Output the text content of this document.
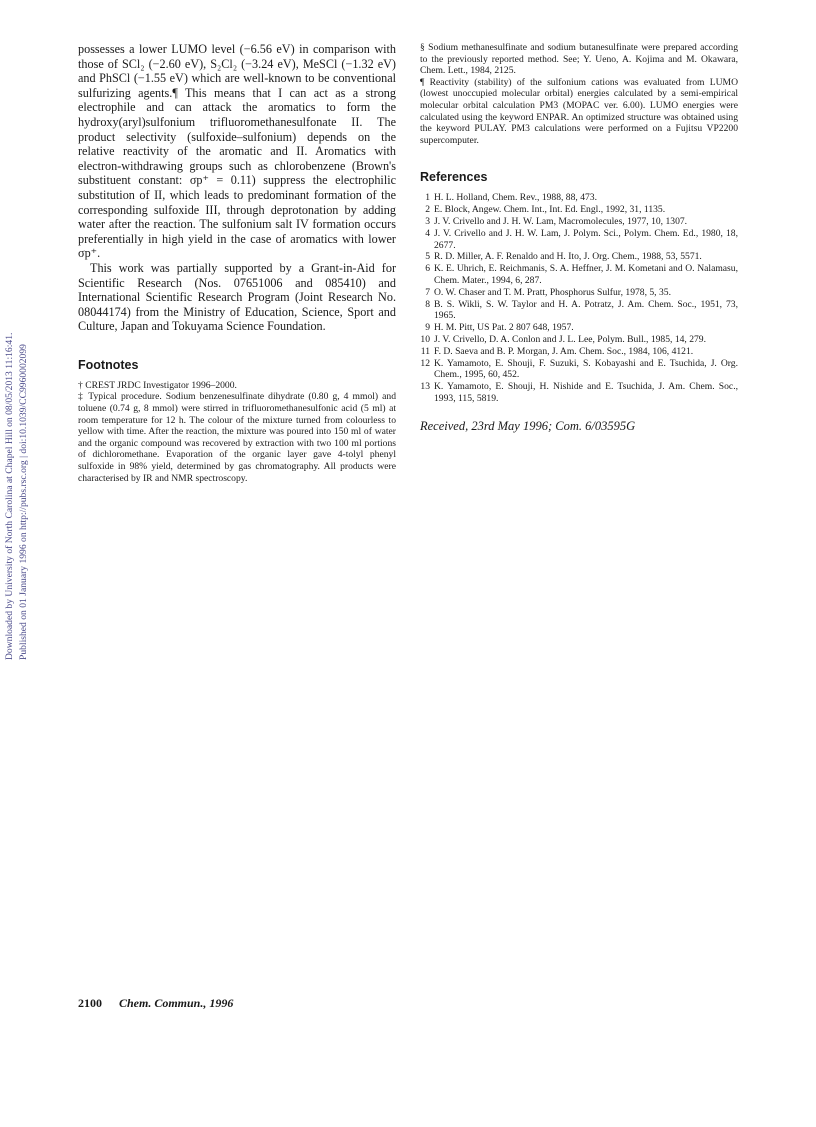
Downloaded by University of North Carolina at Chapel Hill on 08/05/2013 11:16:41. Published on 01 January 1996 on http://pubs.rsc.org | doi:10.1039/CC9960002099

possesses a lower LUMO level (−6.56 eV) in comparison with those of SCl₂ (−2.60 eV), S₂Cl₂ (−3.24 eV), MeSCl (−1.32 eV) and PhSCl (−1.55 eV) which are well-known to be conventional sulfurizing agents.¶ This means that I can act as a strong electrophile and can attack the aromatics to form the hydroxy(aryl)sulfonium trifluoromethanesulfonate II. The product selectivity (sulfoxide–sulfonium) depends on the relative reactivity of the aromatic and II. Aromatics with electron-withdrawing groups such as chlorobenzene (Brown's substituent constant: σp⁺ = 0.11) suppress the electrophilic substitution of II, which leads to predominant formation of the corresponding sulfoxide III, through deprotonation by adding water after the reaction. The sulfonium salt IV formation occurs preferentially in high yield in the case of aromatics with lower σp⁺.

This work was partially supported by a Grant-in-Aid for Scientific Research (Nos. 07651006 and 085410) and International Scientific Research Program (Joint Research No. 08044174) from the Ministry of Education, Science, Sport and Culture, Japan and Tokuyama Science Foundation.

Footnotes

† CREST JRDC Investigator 1996–2000.

‡ Typical procedure. Sodium benzenesulfinate dihydrate (0.80 g, 4 mmol) and toluene (0.74 g, 8 mmol) were stirred in trifluoromethanesulfonic acid (5 ml) at room temperature for 12 h. The colour of the mixture turned from colourless to yellow with time. After the reaction, the mixture was poured into 150 ml of water and the organic compound was recovered by extraction with two 100 ml portions of dichloromethane. Evaporation of the organic layer gave 4-tolyl phenyl sulfoxide in 98% yield, determined by gas chromatography. All products were characterised by IR and NMR spectroscopy.

§ Sodium methanesulfinate and sodium butanesulfinate were prepared according to the previously reported method. See; Y. Ueno, A. Kojima and M. Okawara, Chem. Lett., 1984, 2125.

¶ Reactivity (stability) of the sulfonium cations was evaluated from LUMO (lowest unoccupied molecular orbital) energies calculated by a semi-empirical molecular orbital calculation PM3 (MOPAC ver. 6.00). LUMO energies were calculated using the keyword ENPAR. An optimized structure was obtained using the keyword PULAY. PM3 calculations were performed on a Fujitsu VP2200 supercomputer.

References
1 H. L. Holland, Chem. Rev., 1988, 88, 473.
2 E. Block, Angew. Chem. Int., Int. Ed. Engl., 1992, 31, 1135.
3 J. V. Crivello and J. H. W. Lam, Macromolecules, 1977, 10, 1307.
4 J. V. Crivello and J. H. W. Lam, J. Polym. Sci., Polym. Chem. Ed., 1980, 18, 2677.
5 R. D. Miller, A. F. Renaldo and H. Ito, J. Org. Chem., 1988, 53, 5571.
6 K. E. Uhrich, E. Reichmanis, S. A. Heffner, J. M. Kometani and O. Nalamasu, Chem. Mater., 1994, 6, 287.
7 O. W. Chaser and T. M. Pratt, Phosphorus Sulfur, 1978, 5, 35.
8 B. S. Wikli, S. W. Taylor and H. A. Potratz, J. Am. Chem. Soc., 1951, 73, 1965.
9 H. M. Pitt, US Pat. 2 807 648, 1957.
10 J. V. Crivello, D. A. Conlon and J. L. Lee, Polym. Bull., 1985, 14, 279.
11 F. D. Saeva and B. P. Morgan, J. Am. Chem. Soc., 1984, 106, 4121.
12 K. Yamamoto, E. Shouji, F. Suzuki, S. Kobayashi and E. Tsuchida, J. Org. Chem., 1995, 60, 452.
13 K. Yamamoto, E. Shouji, H. Nishide and E. Tsuchida, J. Am. Chem. Soc., 1993, 115, 5819.
Received, 23rd May 1996; Com. 6/03595G
2100 Chem. Commun., 1996
